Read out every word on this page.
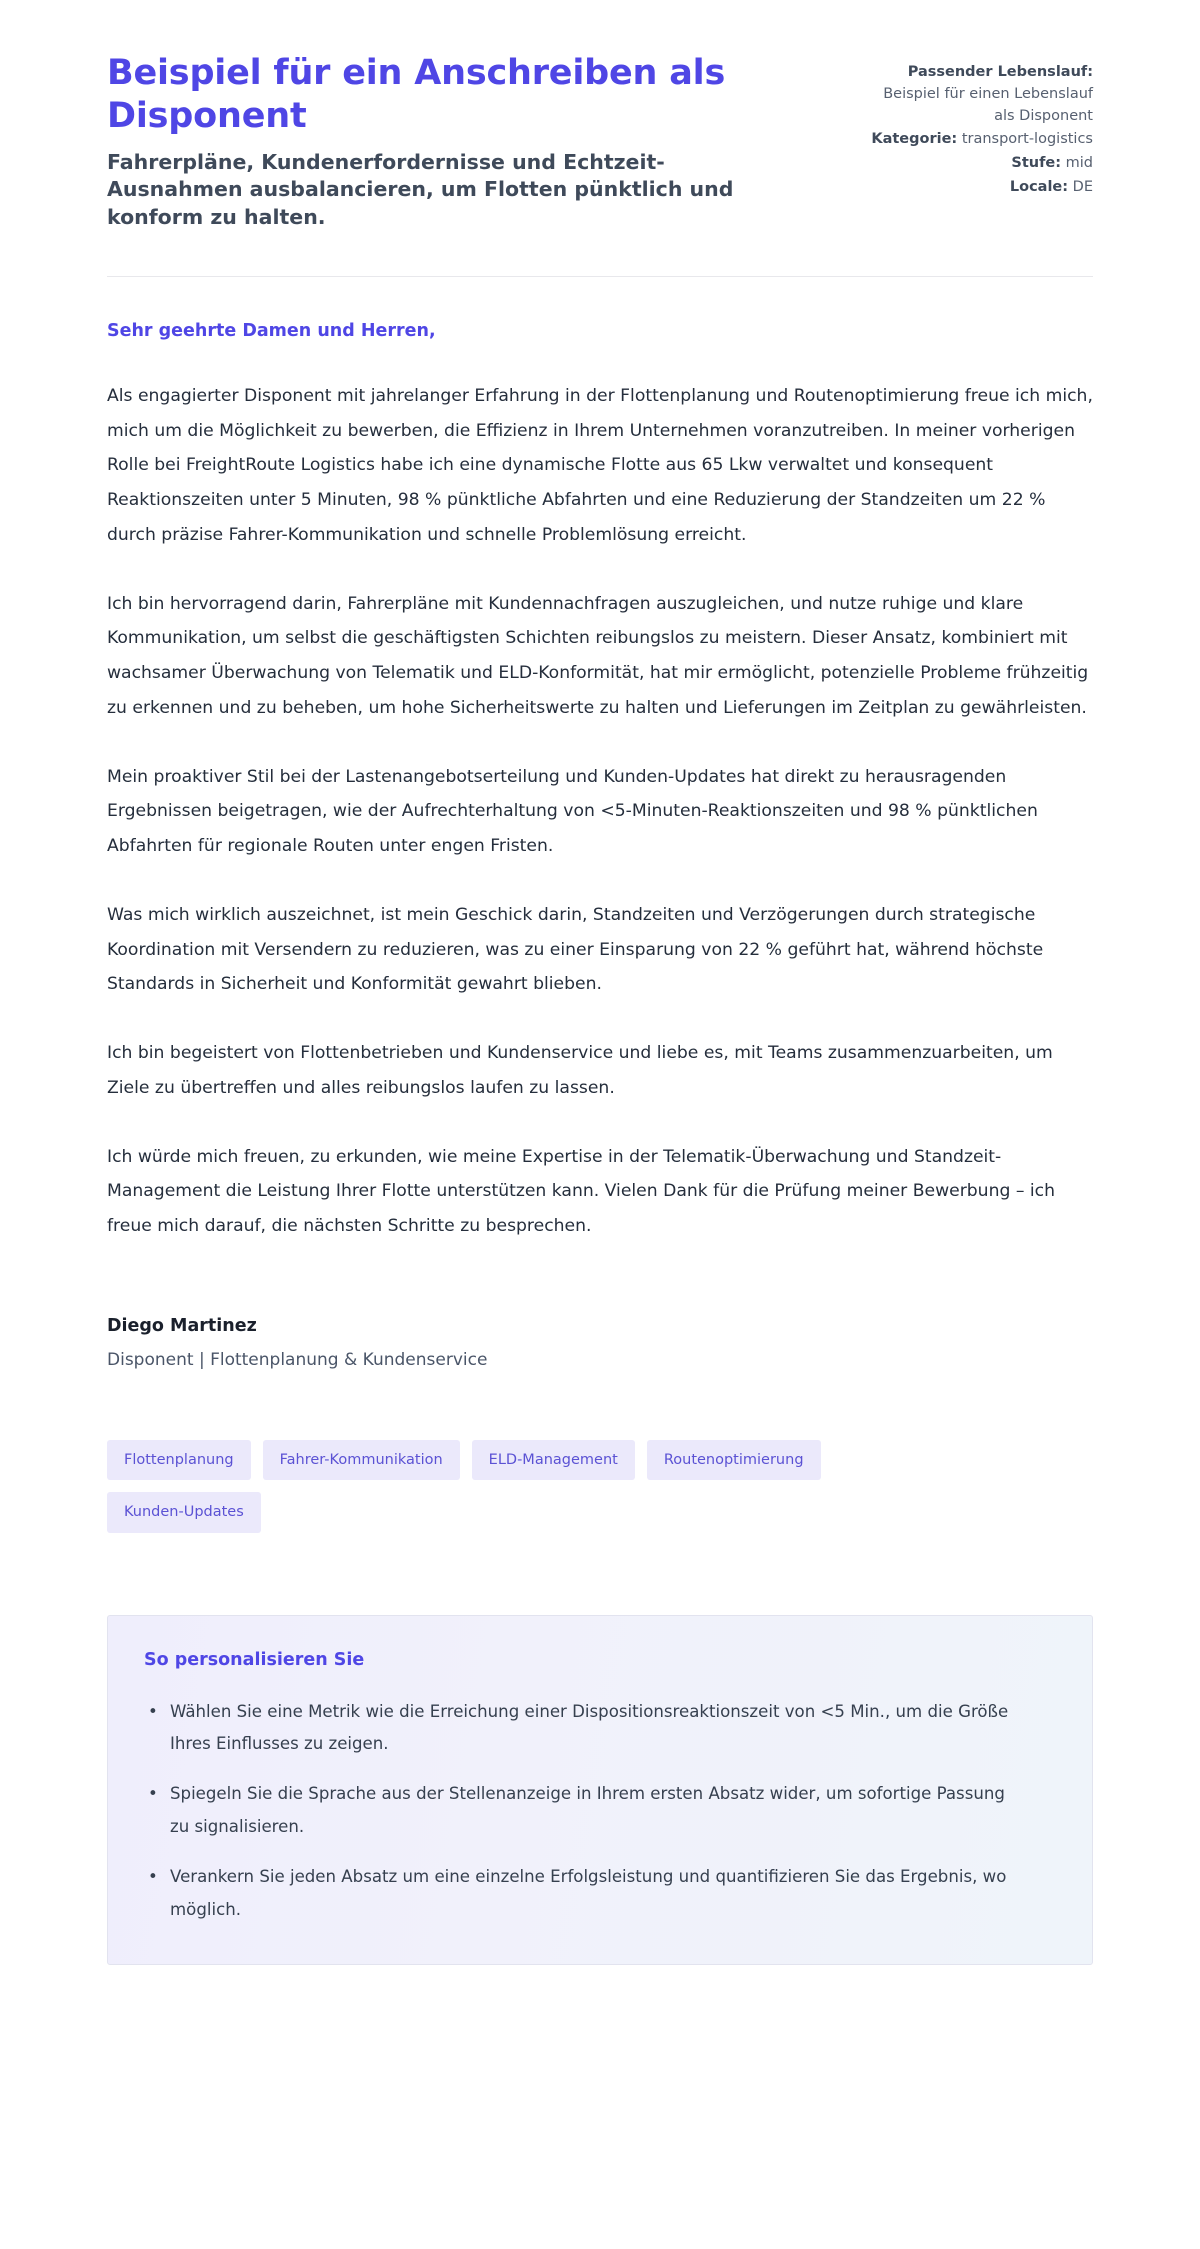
Beispiel für ein Anschreiben als Disponent
Fahrerpläne, Kundenerfordernisse und Echtzeit-Ausnahmen ausbalancieren, um Flotten pünktlich und konform zu halten.
Passender Lebenslauf: Beispiel für einen Lebenslauf als Disponent
Kategorie: transport-logistics
Stufe: mid
Locale: DE

Sehr geehrte Damen und Herren,

Als engagierter Disponent mit jahrelanger Erfahrung in der Flottenplanung und Routenoptimierung freue ich mich, mich um die Möglichkeit zu bewerben, die Effizienz in Ihrem Unternehmen voranzutreiben. In meiner vorherigen Rolle bei FreightRoute Logistics habe ich eine dynamische Flotte aus 65 Lkw verwaltet und konsequent Reaktionszeiten unter 5 Minuten, 98 % pünktliche Abfahrten und eine Reduzierung der Standzeiten um 22 % durch präzise Fahrer-Kommunikation und schnelle Problemlösung erreicht.

Ich bin hervorragend darin, Fahrerpläne mit Kundennachfragen auszugleichen, und nutze ruhige und klare Kommunikation, um selbst die geschäftigsten Schichten reibungslos zu meistern. Dieser Ansatz, kombiniert mit wachsamer Überwachung von Telematik und ELD-Konformität, hat mir ermöglicht, potenzielle Probleme frühzeitig zu erkennen und zu beheben, um hohe Sicherheitswerte zu halten und Lieferungen im Zeitplan zu gewährleisten.

Mein proaktiver Stil bei der Lastenangebotserteilung und Kunden-Updates hat direkt zu herausragenden Ergebnissen beigetragen, wie der Aufrechterhaltung von <5-Minuten-Reaktionszeiten und 98 % pünktlichen Abfahrten für regionale Routen unter engen Fristen.

Was mich wirklich auszeichnet, ist mein Geschick darin, Standzeiten und Verzögerungen durch strategische Koordination mit Versendern zu reduzieren, was zu einer Einsparung von 22 % geführt hat, während höchste Standards in Sicherheit und Konformität gewahrt blieben.

Ich bin begeistert von Flottenbetrieben und Kundenservice und liebe es, mit Teams zusammenzuarbeiten, um Ziele zu übertreffen und alles reibungslos laufen zu lassen.

Ich würde mich freuen, zu erkunden, wie meine Expertise in der Telematik-Überwachung und Standzeit-Management die Leistung Ihrer Flotte unterstützen kann. Vielen Dank für die Prüfung meiner Bewerbung – ich freue mich darauf, die nächsten Schritte zu besprechen.

Diego Martinez

Disponent | Flottenplanung & Kundenservice

Flottenplanung	Fahrer-Kommunikation	ELD-Management	Routenoptimierung
Kunden-Updates

So personalisieren Sie

• Wählen Sie eine Metrik wie die Erreichung einer Dispositionsreaktionszeit von <5 Min., um die Größe Ihres Einflusses zu zeigen.
• Spiegeln Sie die Sprache aus der Stellenanzeige in Ihrem ersten Absatz wider, um sofortige Passung zu signalisieren.
• Verankern Sie jeden Absatz um eine einzelne Erfolgsleistung und quantifizieren Sie das Ergebnis, wo möglich.
